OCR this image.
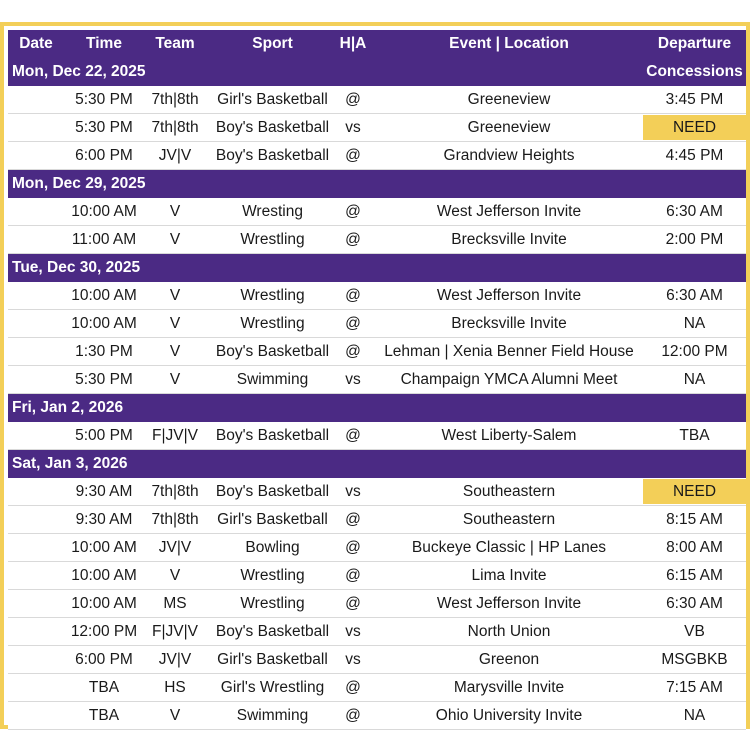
Date	Time	Team	Sport	H|A	Event | Location	Departure
Mon, Dec 22, 2025	Concessions
5:30 PM	7th|8th	Girl's Basketball	@	Greeneview	3:45 PM
5:30 PM	7th|8th	Boy's Basketball	vs	Greeneview	NEED
6:00 PM	JV|V	Boy's Basketball	@	Grandview Heights	4:45 PM
Mon, Dec 29, 2025
10:00 AM	V	Wresting	@	West Jefferson Invite	6:30 AM
11:00 AM	V	Wrestling	@	Brecksville Invite	2:00 PM
Tue, Dec 30, 2025
10:00 AM	V	Wrestling	@	West Jefferson Invite	6:30 AM
10:00 AM	V	Wrestling	@	Brecksville Invite	NA
1:30 PM	V	Boy's Basketball	@	Lehman | Xenia Benner Field House	12:00 PM
5:30 PM	V	Swimming	vs	Champaign YMCA Alumni Meet	NA
Fri, Jan 2, 2026
5:00 PM	F|JV|V	Boy's Basketball	@	West Liberty-Salem	TBA
Sat, Jan 3, 2026
9:30 AM	7th|8th	Boy's Basketball	vs	Southeastern	NEED
9:30 AM	7th|8th	Girl's Basketball	@	Southeastern	8:15 AM
10:00 AM	JV|V	Bowling	@	Buckeye Classic | HP Lanes	8:00 AM
10:00 AM	V	Wrestling	@	Lima Invite	6:15 AM
10:00 AM	MS	Wrestling	@	West Jefferson Invite	6:30 AM
12:00 PM F|JV|V	Boy's Basketball	vs	North Union	VB
6:00 PM	JV|V	Girl's Basketball	vs	Greenon	MSGBKB
TBA	HS	Girl's Wrestling	@	Marysville Invite	7:15 AM
TBA	V	Swimming	@	Ohio University Invite	NA
